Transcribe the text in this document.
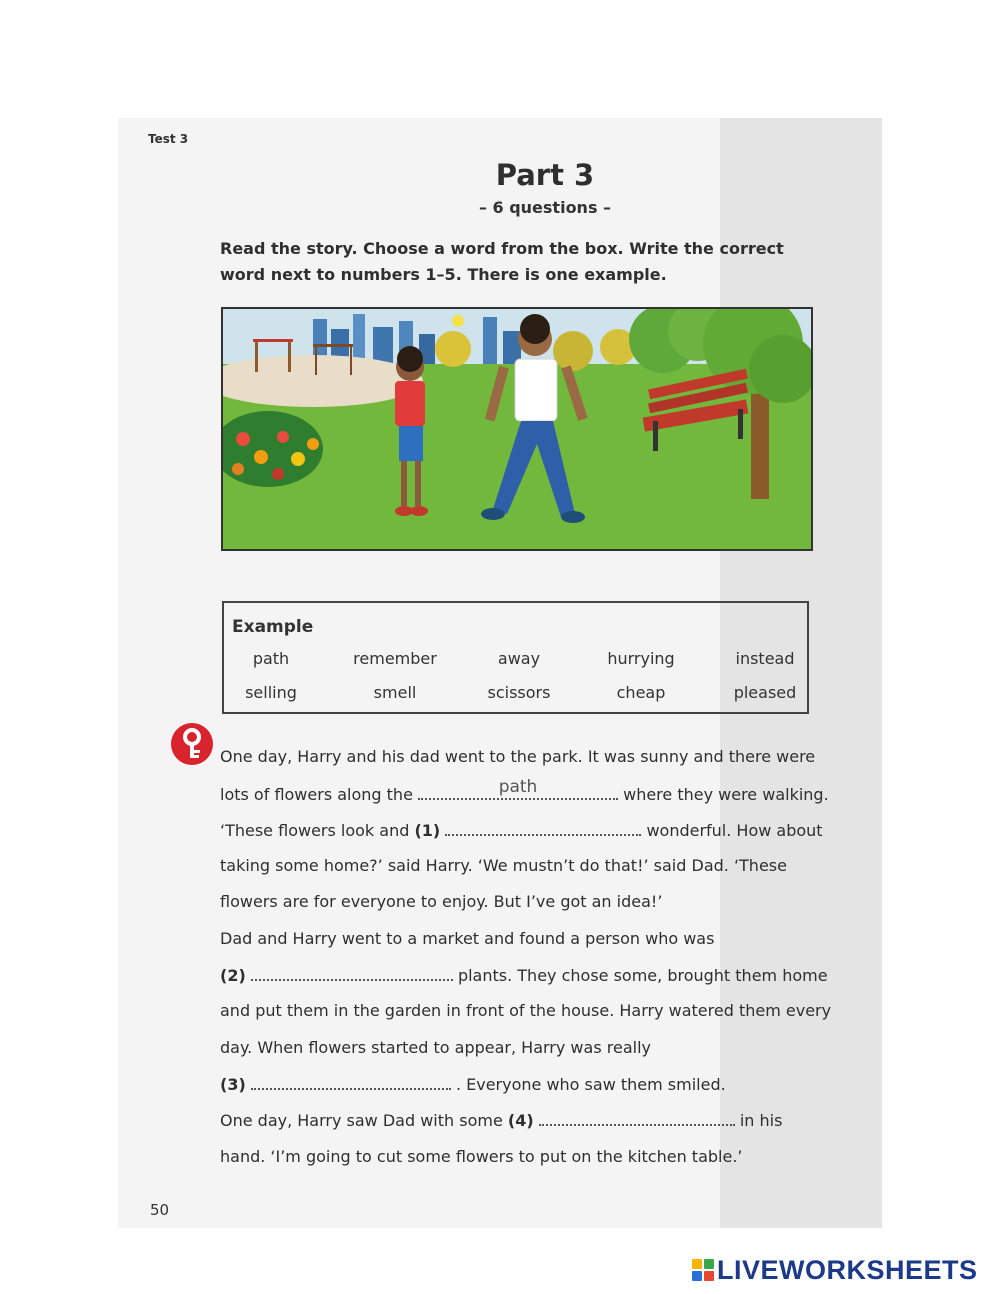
Test 3
Part 3
– 6 questions –
Read the story. Choose a word from the box. Write the correct
word next to numbers 1–5. There is one example.
Example
path	remember	away	hurrying	instead
selling	smell	scissors	cheap	pleased
One day, Harry and his dad went to the park. It was sunny and there were
lots of flowers along the	path	where they were walking.
‘These flowers look and (1)	wonderful. How about
taking some home?’ said Harry. ‘We mustn’t do that!’ said Dad. ‘These
flowers are for everyone to enjoy. But I’ve got an idea!’
Dad and Harry went to a market and found a person who was
(2)	plants. They chose some, brought them home
and put them in the garden in front of the house. Harry watered them every
day. When flowers started to appear, Harry was really
(3)	. Everyone who saw them smiled.
One day, Harry saw Dad with some (4)	in his
hand. ‘I’m going to cut some flowers to put on the kitchen table.’
50
LIVEWORKSHEETS
